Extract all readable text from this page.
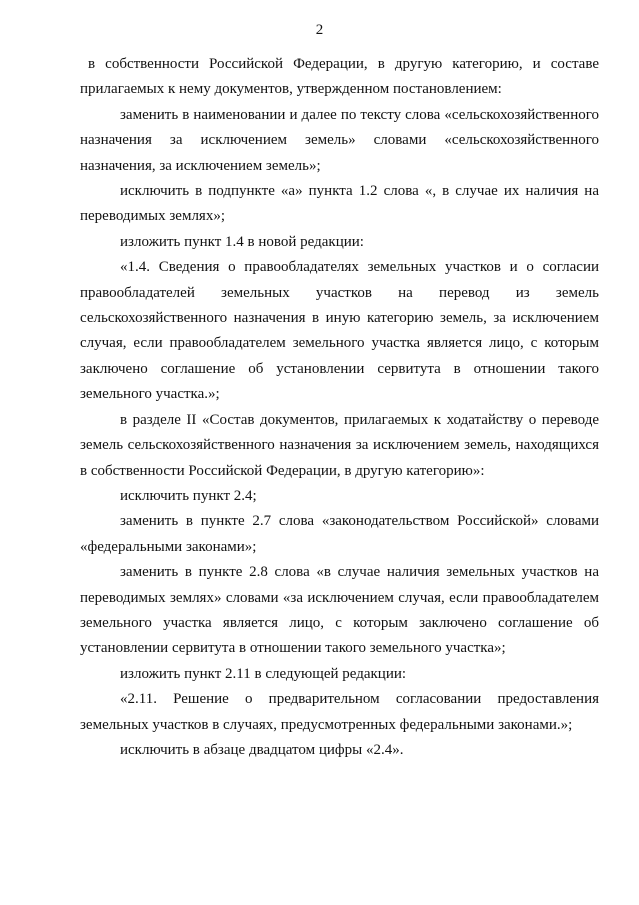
2

в собственности Российской Федерации, в другую категорию, и составе прилагаемых к нему документов, утвержденном постановлением:

заменить в наименовании и далее по тексту слова «сельскохозяйственного назначения за исключением земель» словами «сельскохозяйственного назначения, за исключением земель»;

исключить в подпункте «а» пункта 1.2 слова «, в случае их наличия на переводимых землях»;

изложить пункт 1.4 в новой редакции:

«1.4. Сведения о правообладателях земельных участков и о согласии правообладателей земельных участков на перевод из земель сельскохозяйственного назначения в иную категорию земель, за исключением случая, если правообладателем земельного участка является лицо, с которым заключено соглашение об установлении сервитута в отношении такого земельного участка.»;

в разделе II «Состав документов, прилагаемых к ходатайству о переводе земель сельскохозяйственного назначения за исключением земель, находящихся в собственности Российской Федерации, в другую категорию»:

исключить пункт 2.4;

заменить в пункте 2.7 слова «законодательством Российской» словами «федеральными законами»;

заменить в пункте 2.8 слова «в случае наличия земельных участков на переводимых землях» словами «за исключением случая, если правообладателем земельного участка является лицо, с которым заключено соглашение об установлении сервитута в отношении такого земельного участка»;

изложить пункт 2.11 в следующей редакции:

«2.11. Решение о предварительном согласовании предоставления земельных участков в случаях, предусмотренных федеральными законами.»;

исключить в абзаце двадцатом цифры «2.4».
